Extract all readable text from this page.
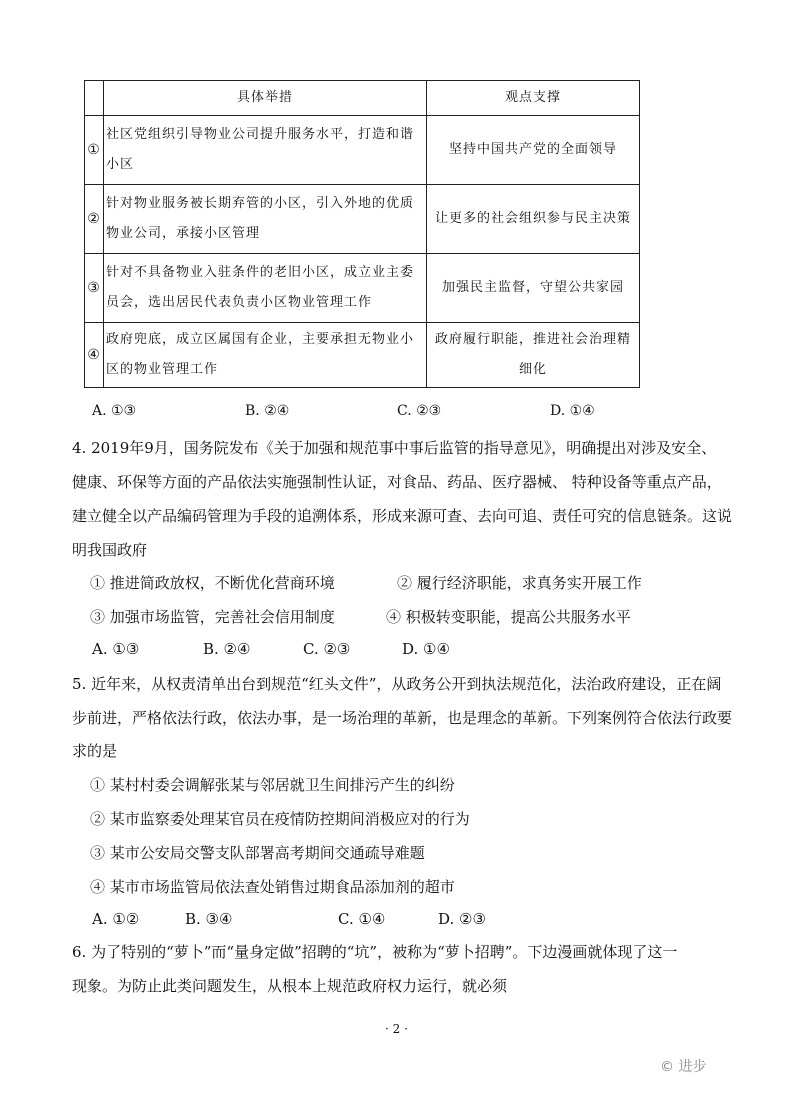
	具体举措	观点支撑
①	社区党组织引导物业公司提升服务水平，打造和谐小区	坚持中国共产党的全面领导
②	针对物业服务被长期弃管的小区，引入外地的优质物业公司，承接小区管理	让更多的社会组织参与民主决策
③	针对不具备物业入驻条件的老旧小区，成立业主委员会，选出居民代表负责小区物业管理工作	加强民主监督，守望公共家园
④	政府兜底，成立区属国有企业，主要承担无物业小区的物业管理工作	政府履行职能，推进社会治理精细化
A. ①③	B. ②④	C. ②③	D. ①④
4. 2019年9月，国务院发布《关于加强和规范事中事后监管的指导意见》，明确提出对涉及安全、
健康、环保等方面的产品依法实施强制性认证，对食品、药品、医疗器械、 特种设备等重点产品，
建立健全以产品编码管理为手段的追溯体系，形成来源可查、去向可追、责任可究的信息链条。这说
明我国政府
① 推进简政放权，不断优化营商环境	② 履行经济职能，求真务实开展工作
③ 加强市场监管，完善社会信用制度	④ 积极转变职能，提高公共服务水平
A. ①③	B. ②④	C. ②③	D. ①④
5. 近年来，从权责清单出台到规范“红头文件”，从政务公开到执法规范化，法治政府建设，正在阔
步前进，严格依法行政，依法办事，是一场治理的革新，也是理念的革新。下列案例符合依法行政要
求的是
① 某村村委会调解张某与邻居就卫生间排污产生的纠纷
② 某市监察委处理某官员在疫情防控期间消极应对的行为
③ 某市公安局交警支队部署高考期间交通疏导难题
④ 某市市场监管局依法查处销售过期食品添加剂的超市
A. ①②	B. ③④	C. ①④	D. ②③
6. 为了特别的“萝卜”而“量身定做”招聘的“坑”，被称为“萝卜招聘”。下边漫画就体现了这一
现象。为防止此类问题发生，从根本上规范政府权力运行，就必须
· 2 ·
© 进步
